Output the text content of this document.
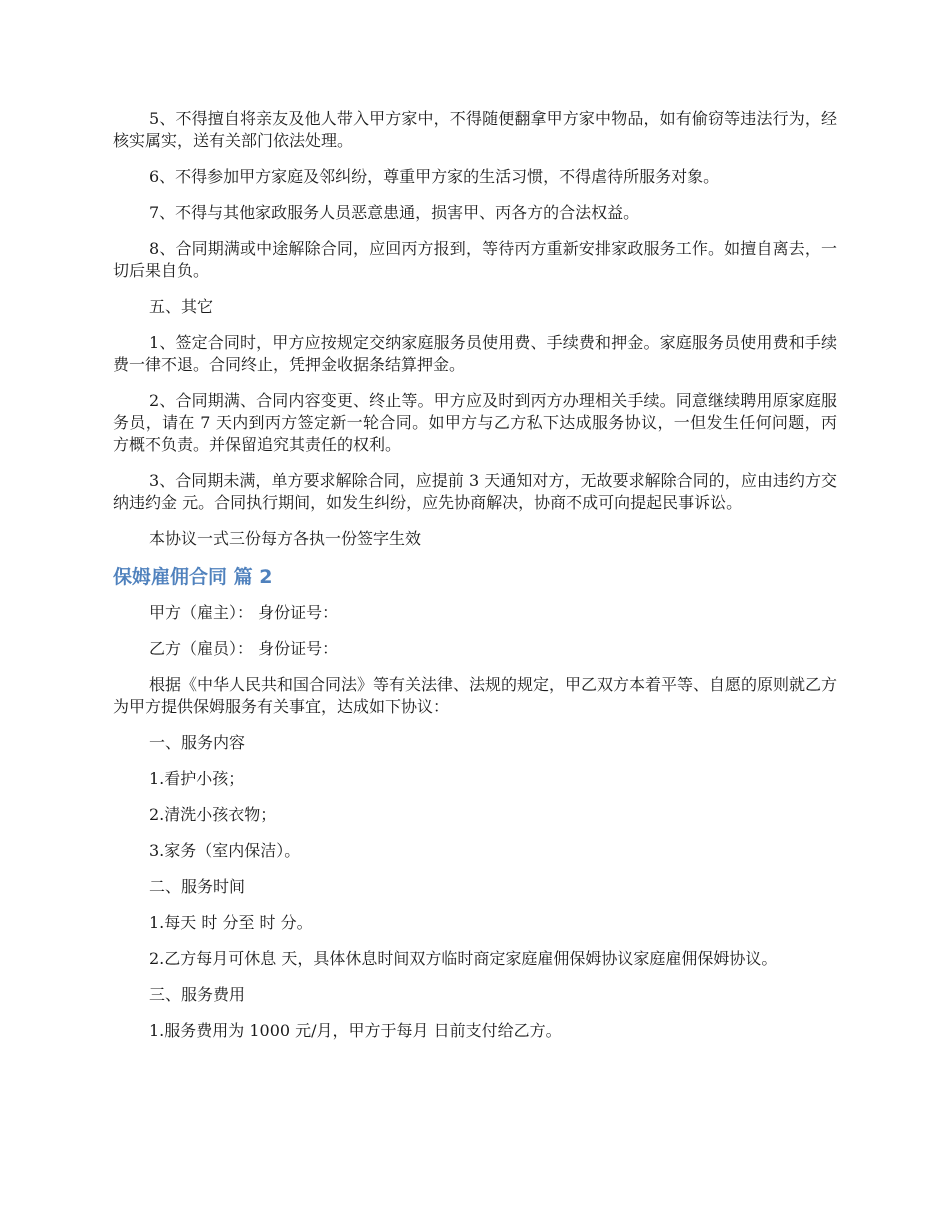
5、不得擅自将亲友及他人带入甲方家中，不得随便翻拿甲方家中物品，如有偷窃等违法行为，经核实属实，送有关部门依法处理。

6、不得参加甲方家庭及邻纠纷，尊重甲方家的生活习惯，不得虐待所服务对象。

7、不得与其他家政服务人员恶意患通，损害甲、丙各方的合法权益。

8、合同期满或中途解除合同，应回丙方报到，等待丙方重新安排家政服务工作。如擅自离去，一切后果自负。

五、其它

1、签定合同时，甲方应按规定交纳家庭服务员使用费、手续费和押金。家庭服务员使用费和手续费一律不退。合同终止，凭押金收据条结算押金。

2、合同期满、合同内容变更、终止等。甲方应及时到丙方办理相关手续。同意继续聘用原家庭服务员，请在 7 天内到丙方签定新一轮合同。如甲方与乙方私下达成服务协议，一但发生任何问题，丙方概不负责。并保留追究其责任的权利。

3、合同期未满，单方要求解除合同，应提前 3 天通知对方，无故要求解除合同的，应由违约方交纳违约金 元。合同执行期间，如发生纠纷，应先协商解决，协商不成可向提起民事诉讼。

本协议一式三份每方各执一份签字生效

保姆雇佣合同 篇 2

甲方（雇主）： 身份证号：

乙方（雇员）： 身份证号：

根据《中华人民共和国合同法》等有关法律、法规的规定，甲乙双方本着平等、自愿的原则就乙方为甲方提供保姆服务有关事宜，达成如下协议：

一、服务内容

1.看护小孩；

2.清洗小孩衣物；

3.家务（室内保洁）。

二、服务时间

1.每天 时 分至 时 分。

2.乙方每月可休息 天，具体休息时间双方临时商定家庭雇佣保姆协议家庭雇佣保姆协议。

三、服务费用

1.服务费用为 1000 元/月，甲方于每月 日前支付给乙方。
